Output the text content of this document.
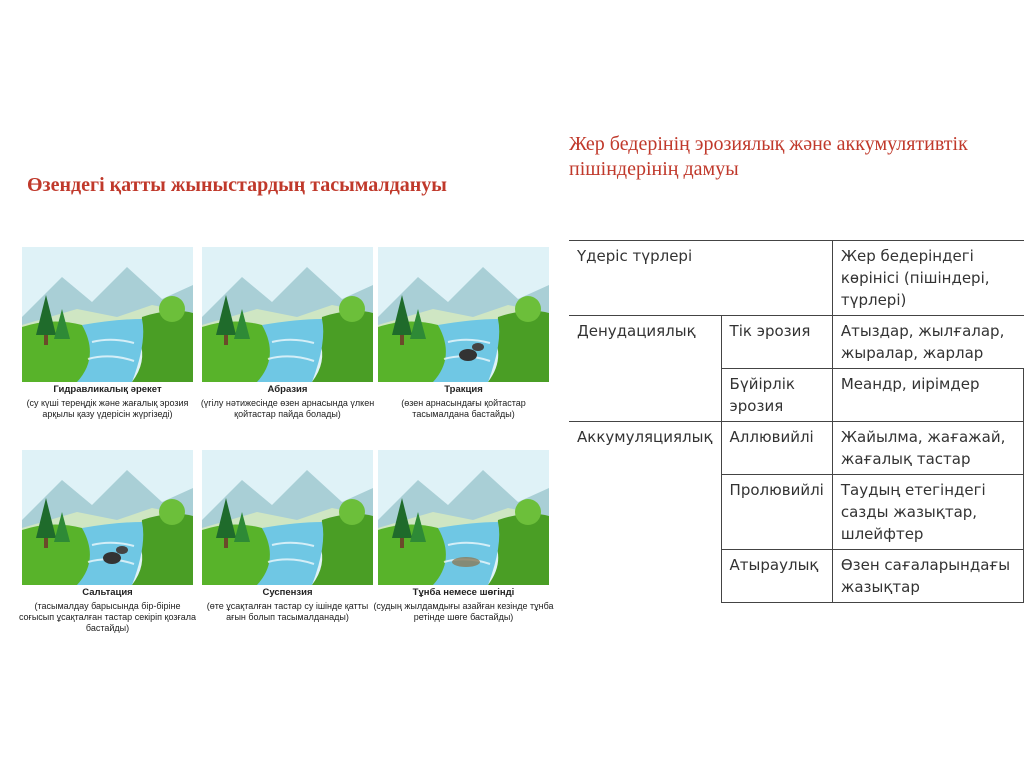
Жер бедерінің эрозиялық және аккумулятивтік
пішіндерінің дамуы
Өзендегі қатты жыныстардың тасымалдануы
Гидравликалық әрекет
(су күші тереңдік және жағалық эрозия арқылы қазу үдерісін жүргізеді)
Абразия
(үгілу нәтижесінде өзен арнасында үлкен қойтастар пайда болады)
Тракция
(өзен арнасындағы қойтастар тасымалдана бастайды)
Сальтация
(тасымалдау барысында бір-біріне соғысып ұсақталған тастар секіріп қозғала бастайды)
Суспензия
(өте ұсақталған тастар су ішінде қатты ағын болып тасымалданады)
Тұнба немесе шөгінді
(судың жылдамдығы азайған кезінде тұнба ретінде шөге бастайды)
Үдеріс түрлері		Жер бедеріндегі көрінісі (пішіндері, түрлері)
Денудациялық	Тік эрозия	Атыздар, жылғалар, жыралар, жарлар
	Бүйірлік эрозия	Меандр, иірімдер
Аккумуляциялық	Аллювийлі	Жайылма, жағажай, жағалық тастар
	Пролювийлі	Таудың етегіндегі сазды жазықтар, шлейфтер
	Атыраулық	Өзен сағаларындағы жазықтар
